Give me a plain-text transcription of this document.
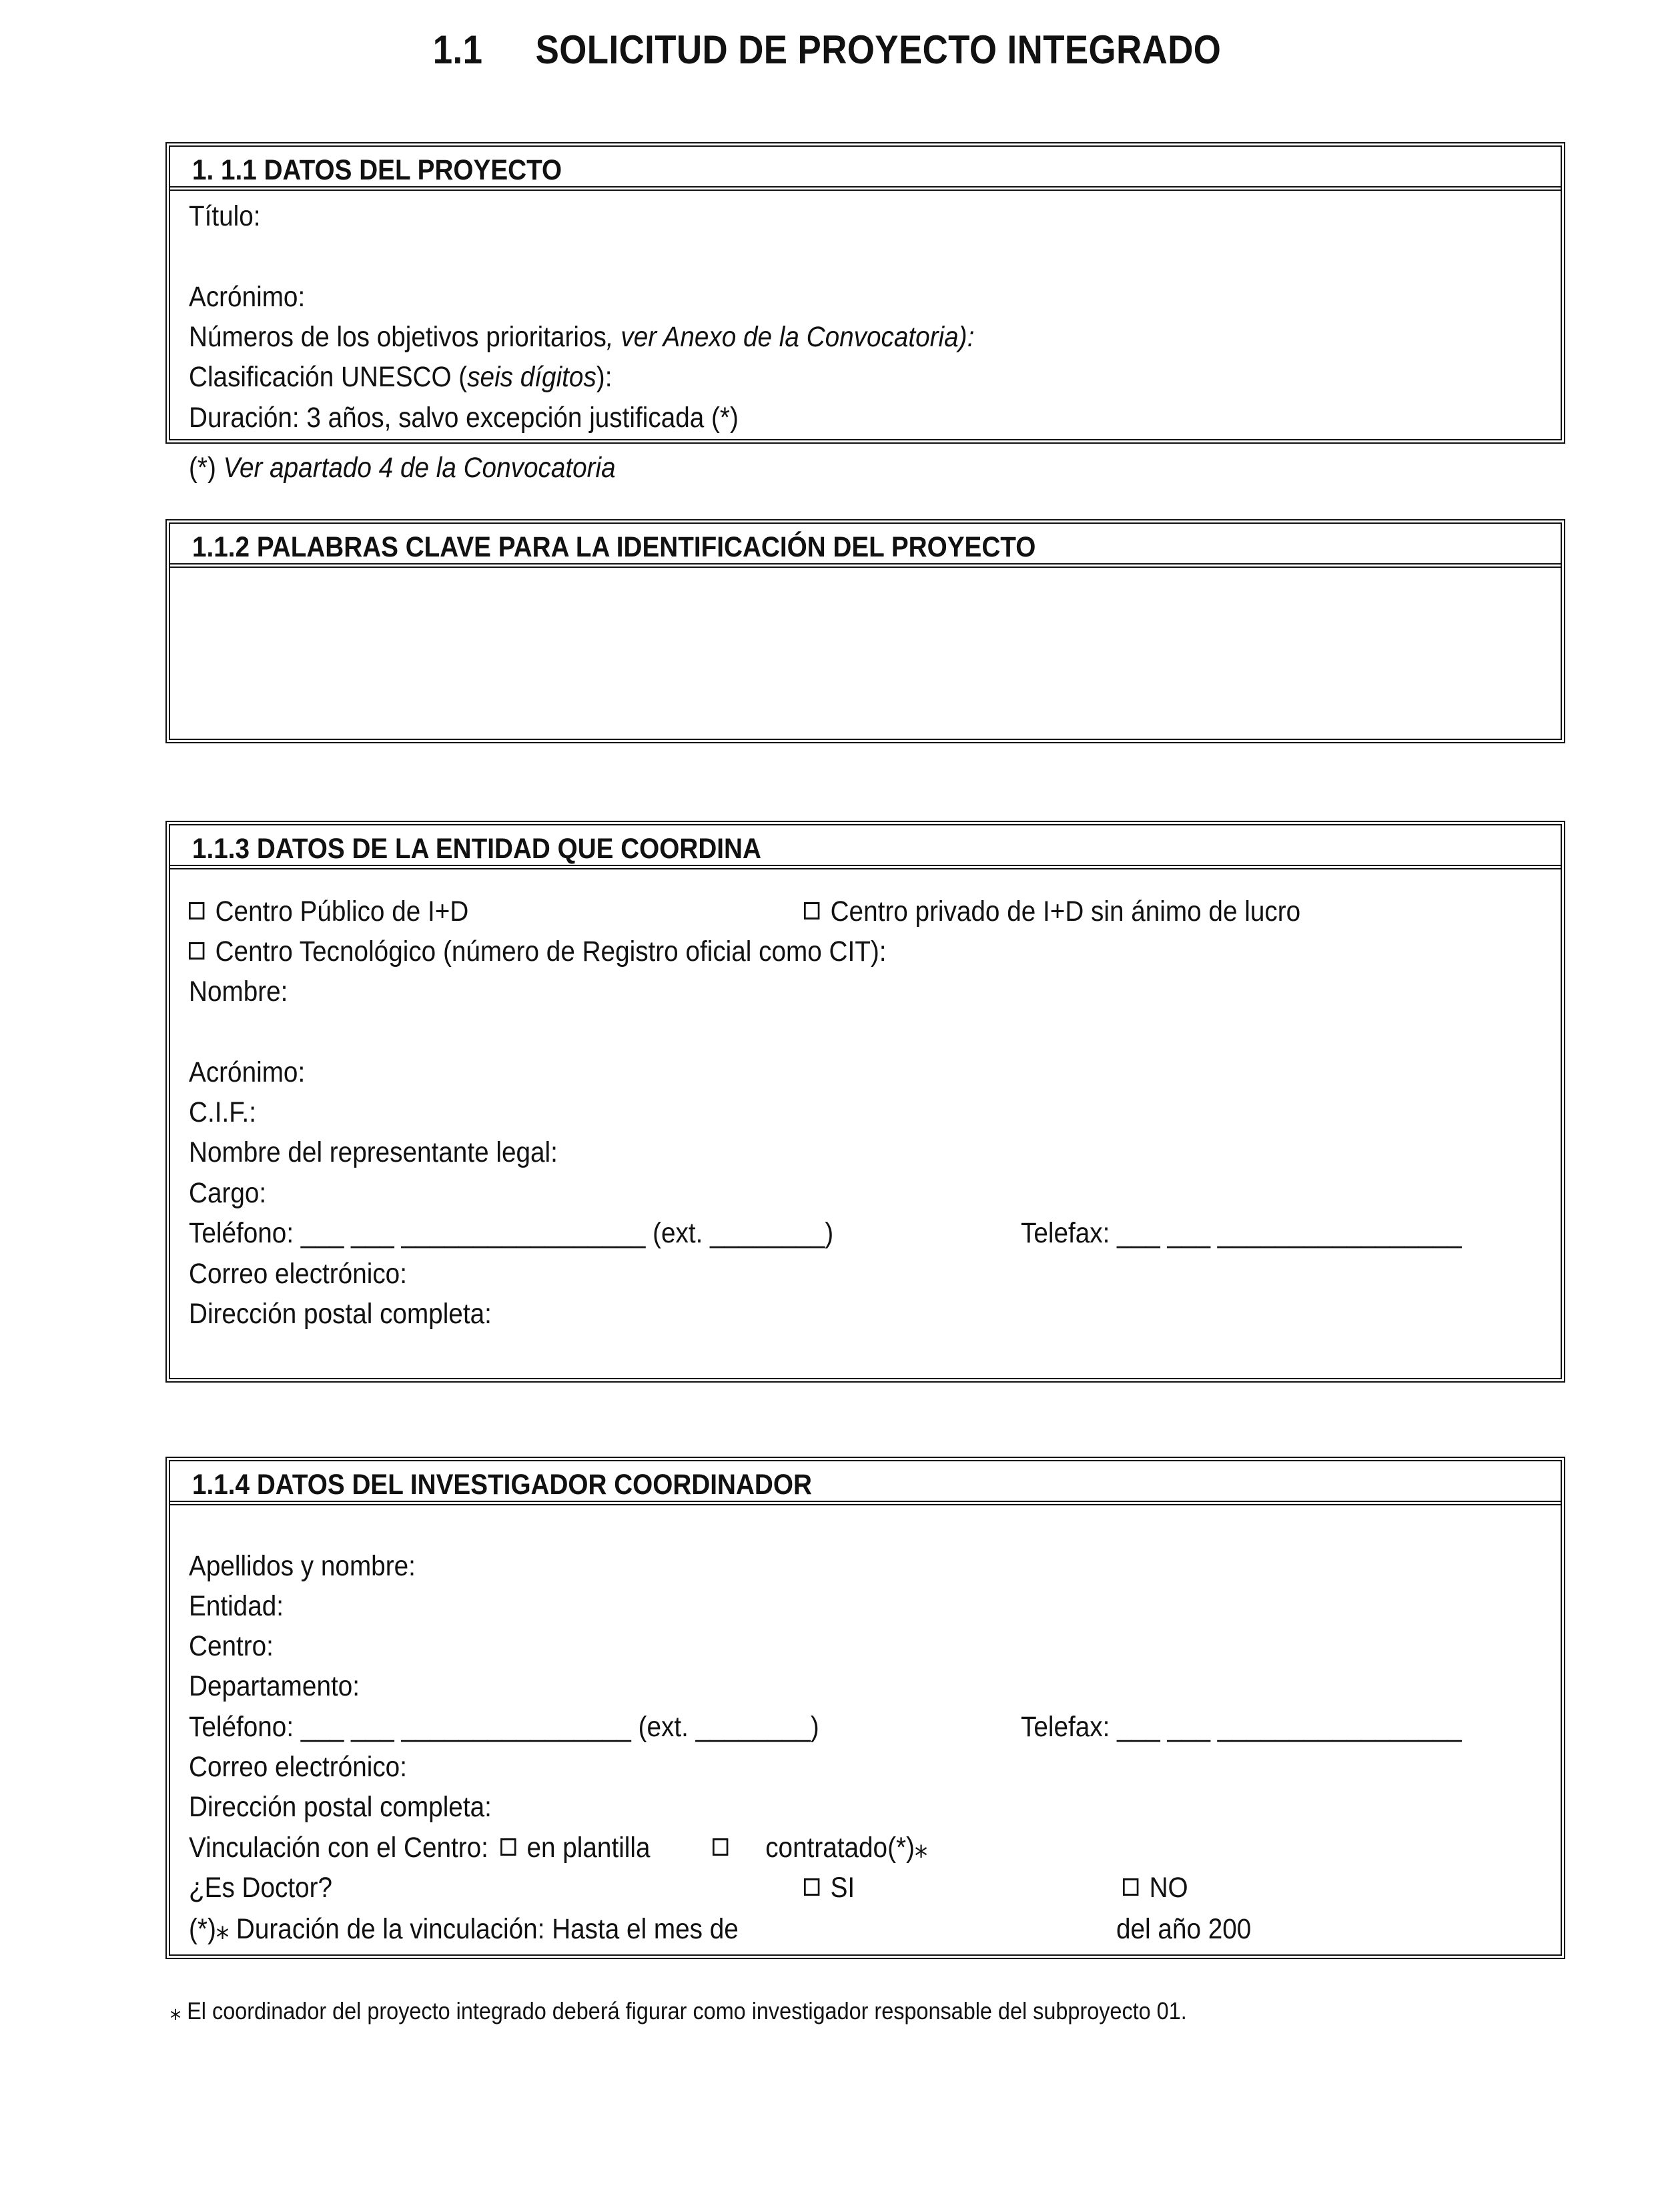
1.1 SOLICITUD DE PROYECTO INTEGRADO
1. 1.1 DATOS DEL PROYECTO
Título:
Acrónimo:
Números de los objetivos prioritarios, ver Anexo de la Convocatoria):
Clasificación UNESCO (seis dígitos):
Duración: 3 años, salvo excepción justificada (*)
(*) Ver apartado 4 de la Convocatoria
1.1.2 PALABRAS CLAVE PARA LA IDENTIFICACIÓN DEL PROYECTO
1.1.3 DATOS DE LA ENTIDAD QUE COORDINA
Centro Público de I+D	Centro privado de I+D sin ánimo de lucro
Centro Tecnológico (número de Registro oficial como CIT):
Nombre:
Acrónimo:
C.I.F.:
Nombre del representante legal:
Cargo:
Teléfono: ___ ___ _________________ (ext. ________)	Telefax: ___ ___ _________________
Correo electrónico:
Dirección postal completa:
1.1.4 DATOS DEL INVESTIGADOR COORDINADOR
Apellidos y nombre:
Entidad:
Centro:
Departamento:
Teléfono: ___ ___ ________________ (ext. ________)	Telefax: ___ ___ _________________
Correo electrónico:
Dirección postal completa:
Vinculación con el Centro: en plantilla	contratado(*)⁎
¿Es Doctor?	SI	NO
(*)⁎ Duración de la vinculación: Hasta el mes de	del año 200
⁎ El coordinador del proyecto integrado deberá figurar como investigador responsable del subproyecto 01.
